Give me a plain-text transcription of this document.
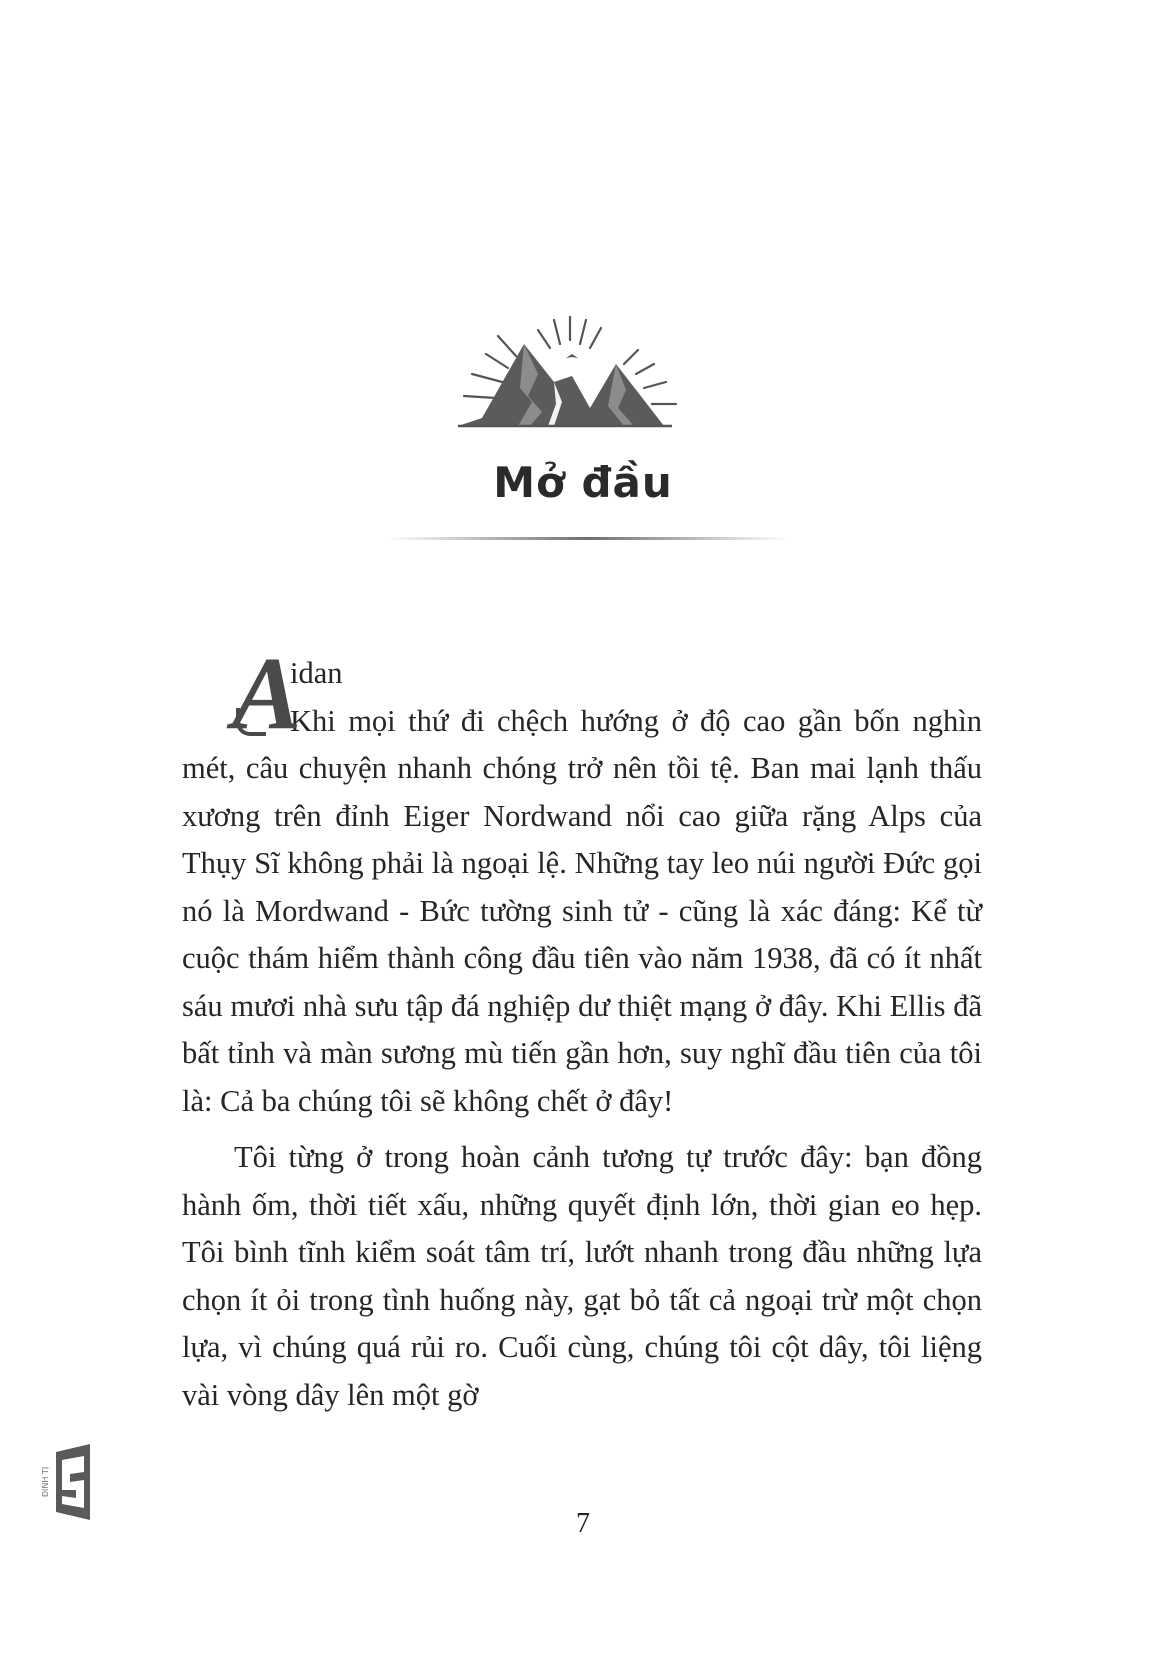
Mở đầu

A
idan
Khi mọi thứ đi chệch hướng ở độ cao gần bốn nghìn mét, câu chuyện nhanh chóng trở nên tồi tệ. Ban mai lạnh thấu xương trên đỉnh Eiger Nordwand nổi cao giữa rặng Alps của Thụy Sĩ không phải là ngoại lệ. Những tay leo núi người Đức gọi nó là Mordwand - Bức tường sinh tử - cũng là xác đáng: Kể từ cuộc thám hiểm thành công đầu tiên vào năm 1938, đã có ít nhất sáu mươi nhà sưu tập đá nghiệp dư thiệt mạng ở đây. Khi Ellis đã bất tỉnh và màn sương mù tiến gần hơn, suy nghĩ đầu tiên của tôi là: Cả ba chúng tôi sẽ không chết ở đây!

Tôi từng ở trong hoàn cảnh tương tự trước đây: bạn đồng hành ốm, thời tiết xấu, những quyết định lớn, thời gian eo hẹp. Tôi bình tĩnh kiểm soát tâm trí, lướt nhanh trong đầu những lựa chọn ít ỏi trong tình huống này, gạt bỏ tất cả ngoại trừ một chọn lựa, vì chúng quá rủi ro. Cuối cùng, chúng tôi cột dây, tôi liệng vài vòng dây lên một gờ

ĐINH TỊ
7
